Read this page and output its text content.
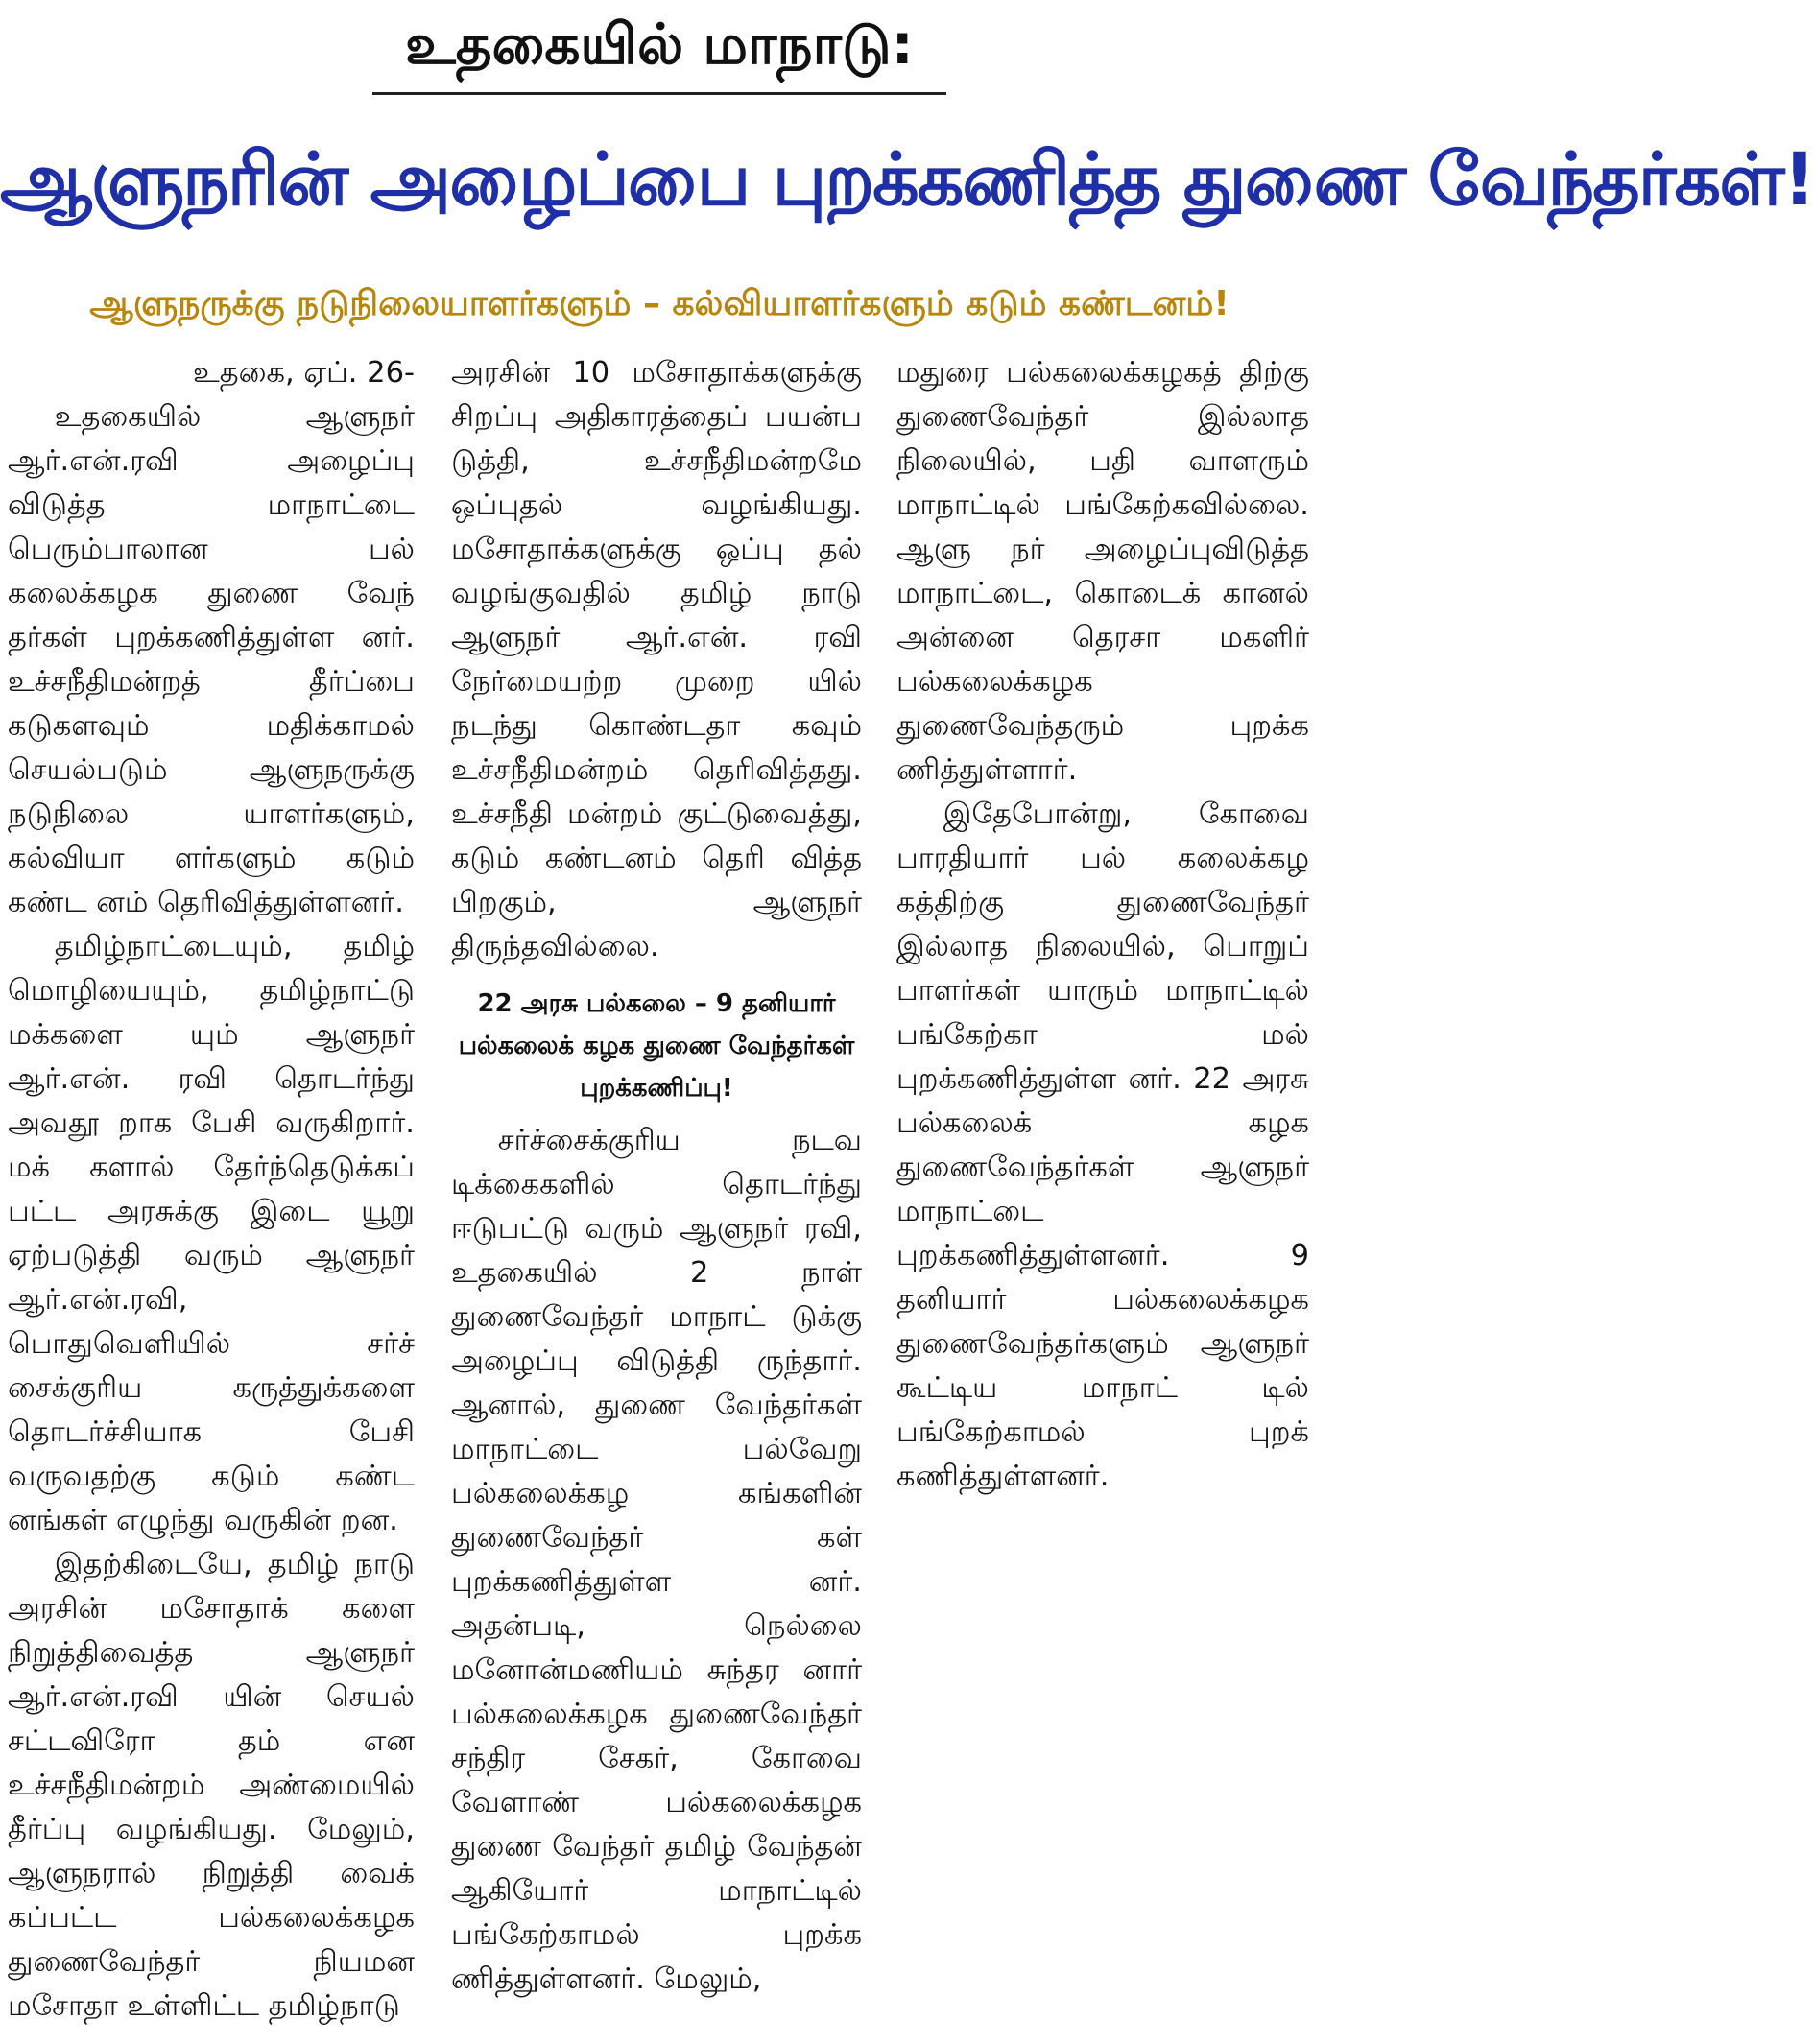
உதகையில் மாநாடு:
ஆளுநரின் அழைப்பை புறக்கணித்த துணை வேந்தர்கள்!
ஆளுநருக்கு நடுநிலையாளர்களும் – கல்வியாளர்களும் கடும் கண்டனம்!

உதகை, ஏப். 26-

உதகையில் ஆளுநர் ஆர்.என்.ரவி அழைப்பு விடுத்த மாநாட்டை பெரும்பாலான பல் கலைக்கழக துணை வேந் தர்கள் புறக்கணித்துள்ள னர். உச்சநீதிமன்றத் தீர்ப்பை கடுகளவும் மதிக்காமல் செயல்படும் ஆளுநருக்கு நடுநிலை யாளர்களும், கல்வியா ளர்களும் கடும் கண்ட னம் தெரிவித்துள்ளனர்.

தமிழ்நாட்டையும், தமிழ் மொழியையும், தமிழ்நாட்டு மக்களை யும் ஆளுநர் ஆர்.என். ரவி தொடர்ந்து அவதூ றாக பேசி வருகிறார். மக் களால் தேர்ந்தெடுக்கப் பட்ட அரசுக்கு இடை யூறு ஏற்படுத்தி வரும் ஆளுநர் ஆர்.என்.ரவி, பொதுவெளியில் சர்ச் சைக்குரிய கருத்துக்களை தொடர்ச்சியாக பேசி வருவதற்கு கடும் கண்ட னங்கள் எழுந்து வருகின் றன.

இதற்கிடையே, தமிழ் நாடு அரசின் மசோதாக் களை நிறுத்திவைத்த ஆளுநர் ஆர்.என்.ரவி யின் செயல் சட்டவிரோ தம் என உச்சநீதிமன்றம் அண்மையில் தீர்ப்பு வழங்கியது. மேலும், ஆளுநரால் நிறுத்தி வைக் கப்பட்ட பல்கலைக்கழக துணைவேந்தர் நியமன மசோதா உள்ளிட்ட தமிழ்நாடு

அரசின் 10 மசோதாக்களுக்கு சிறப்பு அதிகாரத்தைப் பயன்ப டுத்தி, உச்சநீதிமன்றமே ஒப்புதல் வழங்கியது. மசோதாக்களுக்கு ஒப்பு தல் வழங்குவதில் தமிழ் நாடு ஆளுநர் ஆர்.என். ரவி நேர்மையற்ற முறை யில் நடந்து கொண்டதா கவும் உச்சநீதிமன்றம் தெரிவித்தது. உச்சநீதி மன்றம் குட்டுவைத்து, கடும் கண்டனம் தெரி வித்த பிறகும், ஆளுநர் திருந்தவில்லை.

22 அரசு பல்கலை – 9 தனியார் பல்கலைக் கழக துணை வேந்தர்கள் புறக்கணிப்பு!

சர்ச்சைக்குரிய நடவ டிக்கைகளில் தொடர்ந்து ஈடுபட்டு வரும் ஆளுநர் ரவி, உதகையில் 2 நாள் துணைவேந்தர் மாநாட் டுக்கு அழைப்பு விடுத்தி ருந்தார். ஆனால், துணை வேந்தர்கள் மாநாட்டை பல்வேறு பல்கலைக்கழ கங்களின் துணைவேந்தர் கள் புறக்கணித்துள்ள னர். அதன்படி, நெல்லை மனோன்மணியம் சுந்தர னார் பல்கலைக்கழக துணைவேந்தர் சந்திர சேகர், கோவை வேளாண் பல்கலைக்கழக துணை வேந்தர் தமிழ் வேந்தன் ஆகியோர் மாநாட்டில் பங்கேற்காமல் புறக்க ணித்துள்ளனர். மேலும்,

மதுரை பல்கலைக்கழகத் திற்கு துணைவேந்தர் இல்லாத நிலையில், பதி வாளரும் மாநாட்டில் பங்கேற்கவில்லை. ஆளு நர் அழைப்புவிடுத்த மாநாட்டை, கொடைக் கானல் அன்னை தெரசா மகளிர் பல்கலைக்கழக துணைவேந்தரும் புறக்க ணித்துள்ளார்.

இதேபோன்று, கோவை பாரதியார் பல் கலைக்கழ கத்திற்கு துணைவேந்தர் இல்லாத நிலையில், பொறுப் பாளர்கள் யாரும் மாநாட்டில் பங்கேற்கா மல் புறக்கணித்துள்ள னர். 22 அரசு பல்கலைக் கழக துணைவேந்தர்கள் ஆளுநர் மாநாட்டை புறக்கணித்துள்ளனர். 9 தனியார் பல்கலைக்கழக துணைவேந்தர்களும் ஆளுநர் கூட்டிய மாநாட் டில் பங்கேற்காமல் புறக் கணித்துள்ளனர்.
